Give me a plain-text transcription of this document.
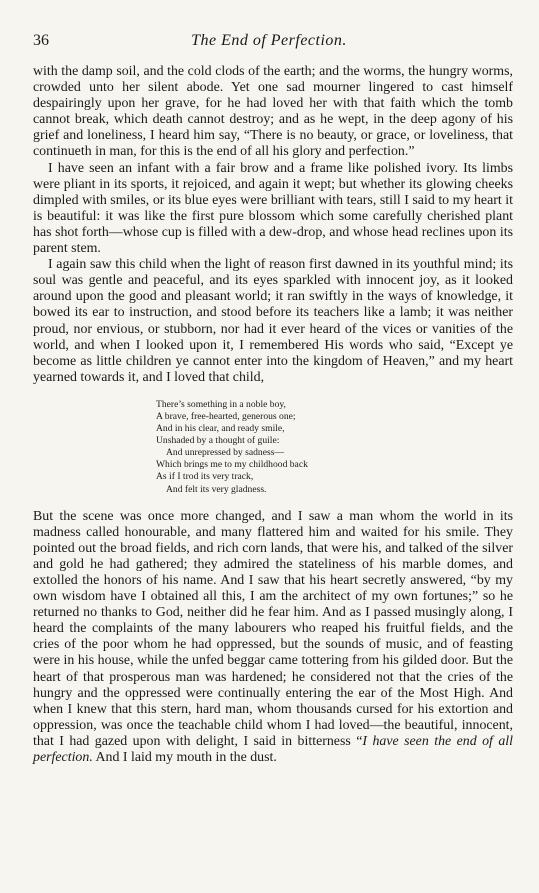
36	The End of Perfection.

with the damp soil, and the cold clods of the earth; and the worms, the hungry worms, crowded unto her silent abode. Yet one sad mourner lingered to cast himself despairingly upon her grave, for he had loved her with that faith which the tomb cannot break, which death cannot destroy; and as he wept, in the deep agony of his grief and loneliness, I heard him say, “There is no beauty, or grace, or loveliness, that continueth in man, for this is the end of all his glory and perfection.”

I have seen an infant with a fair brow and a frame like polished ivory. Its limbs were pliant in its sports, it rejoiced, and again it wept; but whether its glowing cheeks dimpled with smiles, or its blue eyes were brilliant with tears, still I said to my heart it is beautiful: it was like the first pure blossom which some carefully cherished plant has shot forth—whose cup is filled with a dew-drop, and whose head reclines upon its parent stem.

I again saw this child when the light of reason first dawned in its youthful mind; its soul was gentle and peaceful, and its eyes sparkled with innocent joy, as it looked around upon the good and pleasant world; it ran swiftly in the ways of knowledge, it bowed its ear to instruction, and stood before its teachers like a lamb; it was neither proud, nor envious, or stubborn, nor had it ever heard of the vices or vanities of the world, and when I looked upon it, I remembered His words who said, “Except ye become as little children ye cannot enter into the kingdom of Heaven,” and my heart yearned towards it, and I loved that child,

There’s something in a noble boy,
A brave, free-hearted, generous one;
And in his clear, and ready smile,
Unshaded by a thought of guile:
And unrepressed by sadness—
Which brings me to my childhood back
As if I trod its very track,
And felt its very gladness.

But the scene was once more changed, and I saw a man whom the world in its madness called honourable, and many flattered him and waited for his smile. They pointed out the broad fields, and rich corn lands, that were his, and talked of the silver and gold he had gathered; they admired the stateliness of his marble domes, and extolled the honors of his name. And I saw that his heart secretly answered, “by my own wisdom have I obtained all this, I am the architect of my own fortunes;” so he returned no thanks to God, neither did he fear him. And as I passed musingly along, I heard the complaints of the many labourers who reaped his fruitful fields, and the cries of the poor whom he had oppressed, but the sounds of music, and of feasting were in his house, while the unfed beggar came tottering from his gilded door. But the heart of that prosperous man was hardened; he considered not that the cries of the hungry and the oppressed were continually entering the ear of the Most High. And when I knew that this stern, hard man, whom thousands cursed for his extortion and oppression, was once the teachable child whom I had loved—the beautiful, innocent, that I had gazed upon with delight, I said in bitterness “I have seen the end of all perfection. And I laid my mouth in the dust.
